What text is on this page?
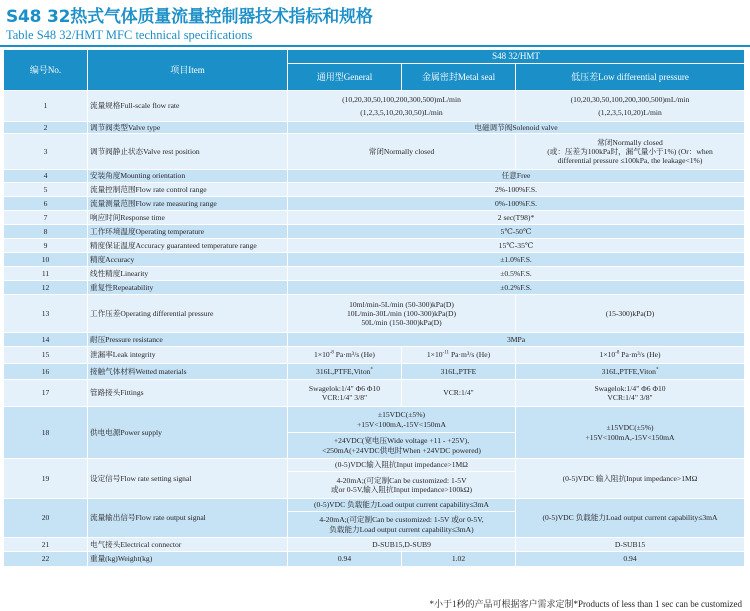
S48 32热式气体质量流量控制器技术指标和规格
Table S48 32/HMT MFC technical specifications
编号No.	项目Item	S48 32/HMT		
		通用型General	金属密封Metal seal	低压差Low differential pressure
1	流量规格Full-scale flow rate	(10,20,30,50,100,200,300,500)mL/min
(1,2,3,5,10,20,30,50)L/min		(10,20,30,50,100,200,300,500)mL/min
(1,2,3,5,10,20)L/min

2	调节阀类型Valve type	电磁调节阀Solenoid valve		
3	调节阀静止状态Valve rest position	常闭Normally closed		常闭Normally closed
(或：压差为100kPa时，漏气量小于1%) (Or：when
differential pressure ≤100kPa, the leakage<1%)

4	安装角度Mounting orientation	任意Free		
5	流量控制范围Flow rate control range	2%-100%F.S.		
6	流量测量范围Flow rate measuring range	0%-100%F.S.		
7	响应时间Response time	2 sec(T98)*		
8	工作环境温度Operating temperature	5℃-50℃		
9	精度保证温度Accuracy guaranteed temperature range	15℃-35℃		
10	精度Accuracy	±1.0%F.S.		
11	线性精度Linearity	±0.5%F.S.		
12	重复性Repeatability	±0.2%F.S.		
13	工作压差Operating differential pressure	10ml/min-5L/min (50-300)kPa(D)
10L/min-30L/min (100-300)kPa(D)
50L/min (150-300)kPa(D)		(15-300)kPa(D)
14	耐压Pressure resistance	3MPa		
15	泄漏率Leak integrity	$1\times 10^{-8}$ Pa·m³/s (He)	$1\times 10^{-11}$ Pa·m³/s (He)	$1\times 10^{-8}$ Pa·m³/s (He)
16	接触气体材料Wetted materials	316L,PTFE,Viton*	316L,PTFE	316L,PTFE,Viton*
17	管路接头Fittings	Swagelok:1/4" Φ6 Φ10
VCR:1/4" 3/8"	VCR:1/4"	Swagelok:1/4" Φ6 Φ10
VCR:1/4" 3/8"

18	供电电源Power supply	±15VDC(±5%)
+15V<100mA,-15V<150mA		±15VDC(±5%)
+15V<100mA,-15V<150mA

		+24VDC(宽电压Wide voltage +11 - +25V),
<250mA(+24VDC供电时When +24VDC powered)		

19	设定信号Flow rate setting signal	(0-5)VDC输入阻抗Input impedance>1MΩ		(0-5)VDC 输入阻抗Input impedance>1MΩ

		4-20mA;(可定制Can be customized: 1-5V
或or 0-5V,输入阻抗Input impedance>100kΩ)		

20	流量输出信号Flow rate output signal	(0-5)VDC 负载能力Load output current capability≤3mA		(0-5)VDC 负载能力Load output current capability≤3mA

		4-20mA;(可定制Can be customized: 1-5V 或or 0-5V,
负载能力Load output current capability≤3mA)		

21	电气接头Electrical connector	D-SUB15,D-SUB9		D-SUB15
22	重量(kg)Weight(kg)	0.94	1.02	0.94
*小于1秒的产品可根据客户需求定制*Products of less than 1 sec can be customized
